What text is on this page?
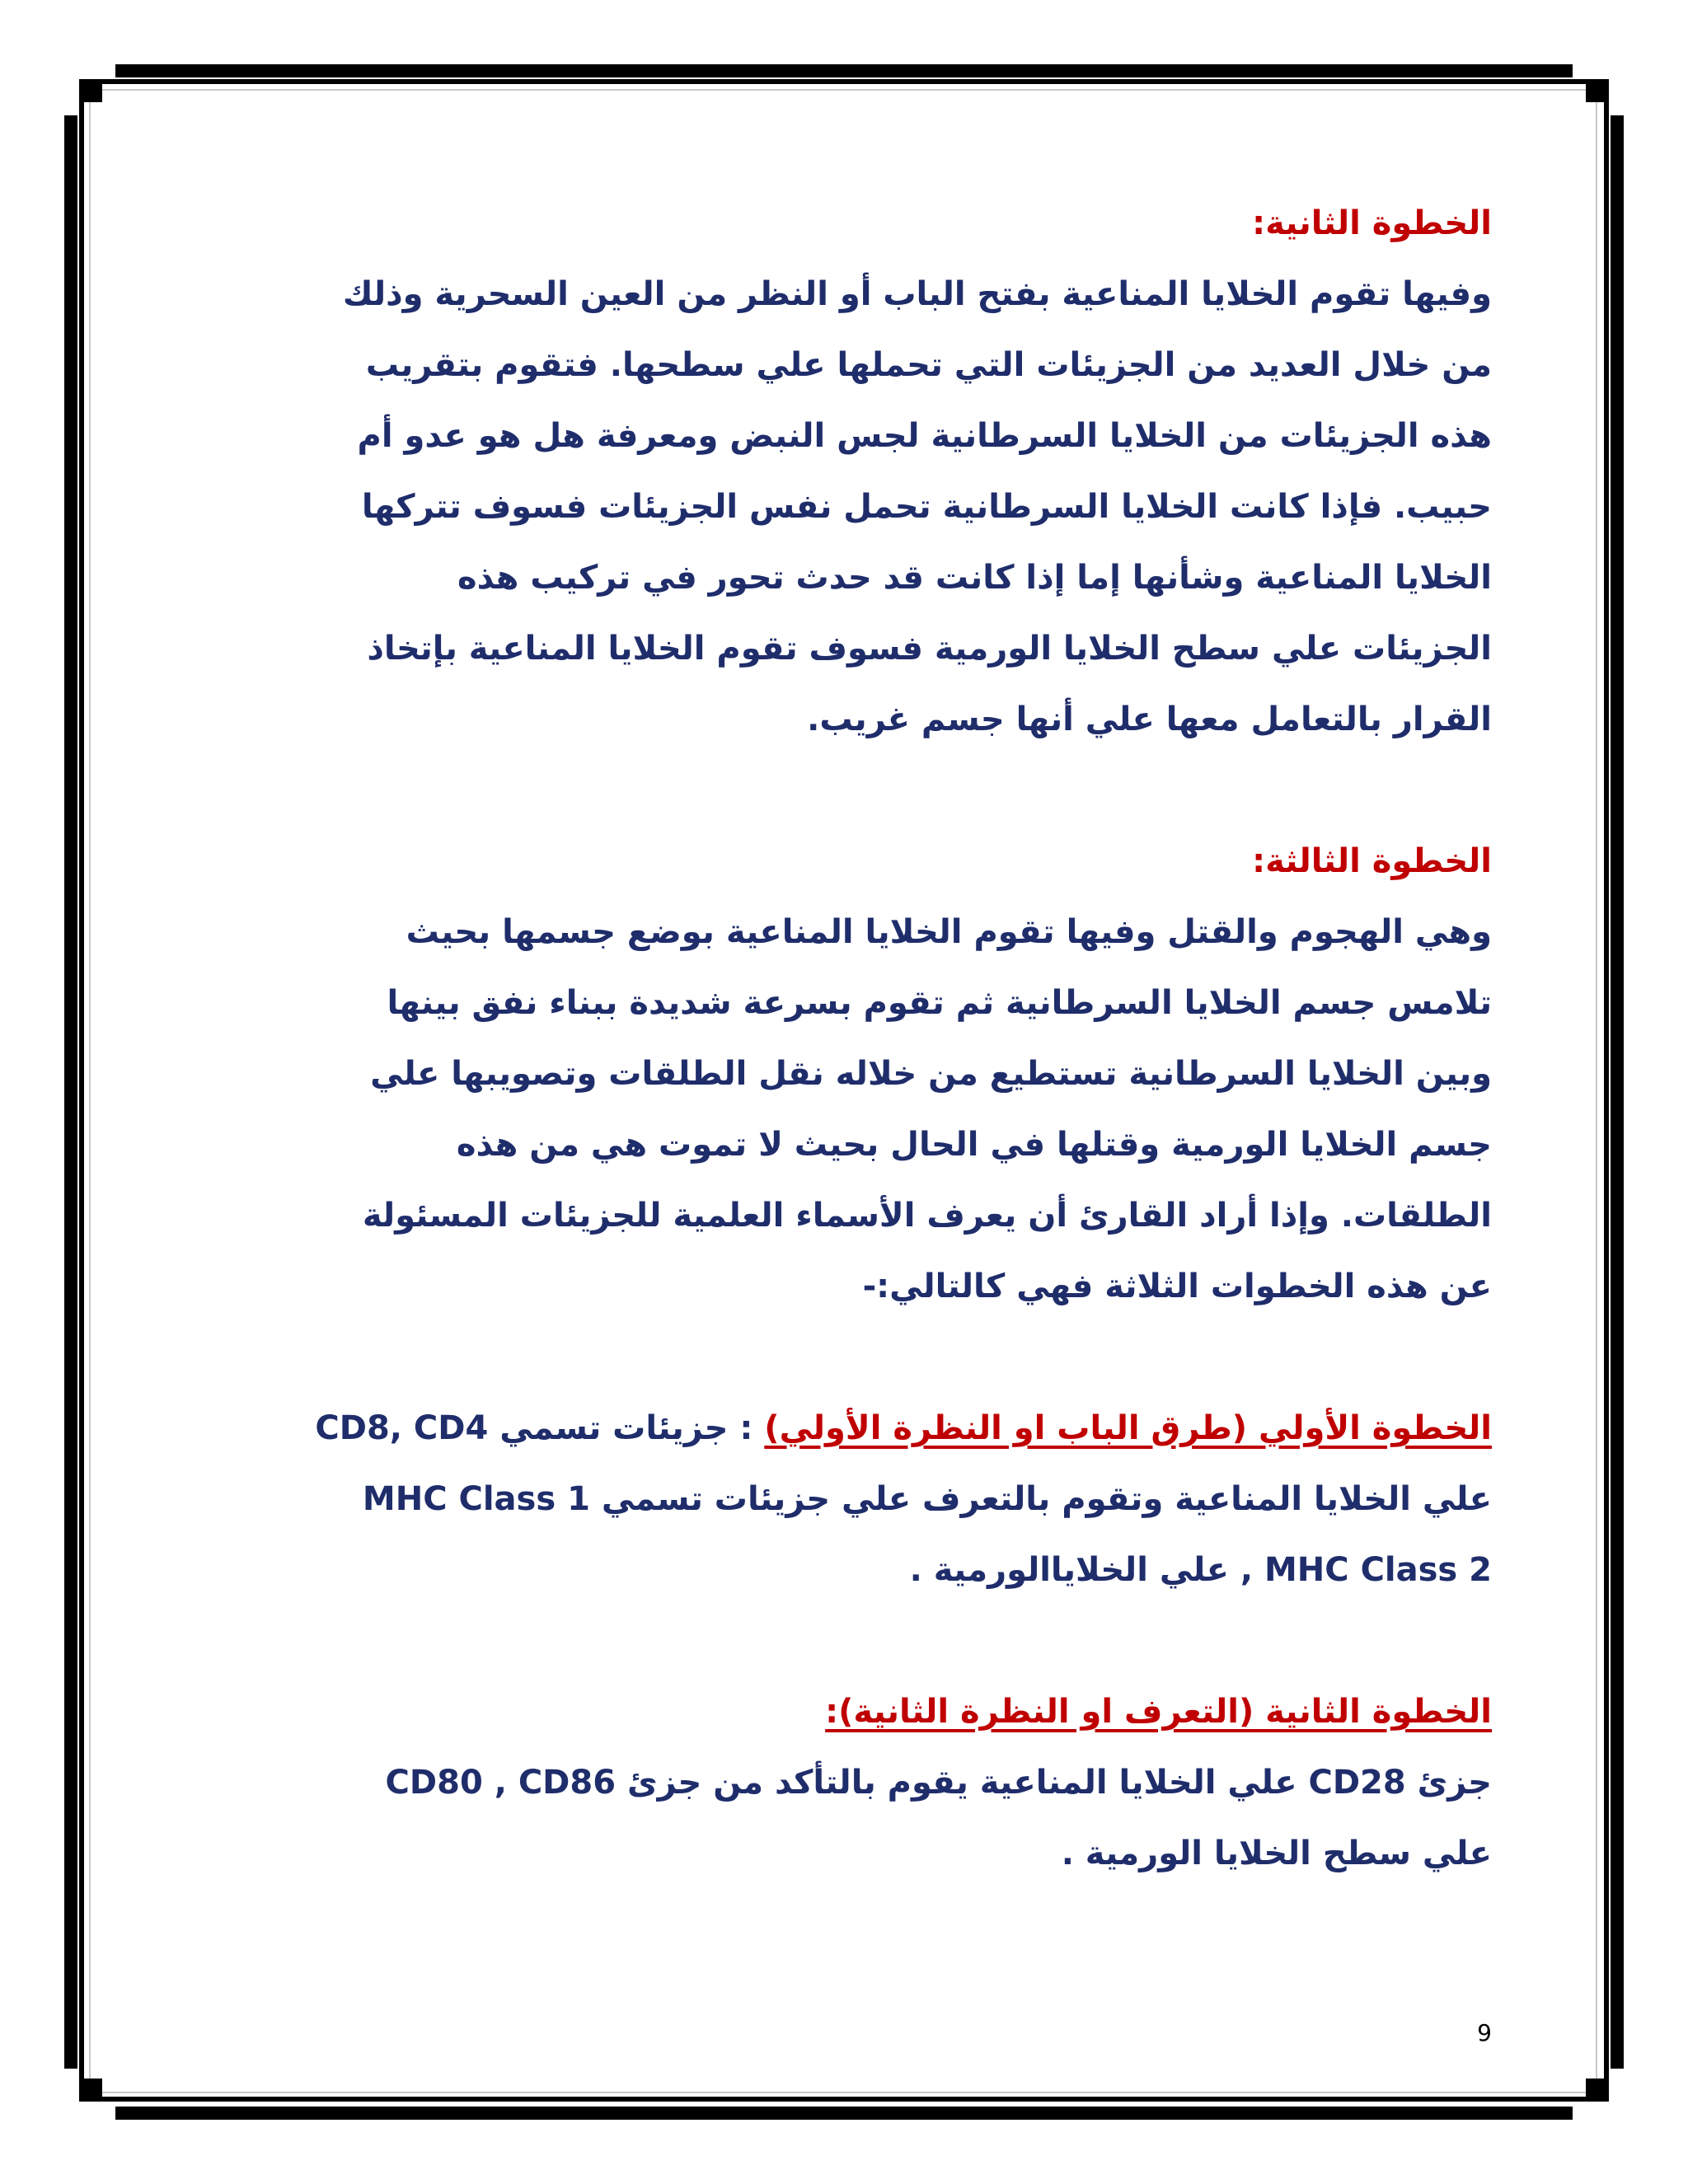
الخطوة الثانية:

وفيها تقوم الخلايا المناعية بفتح الباب أو النظر من العين السحرية وذلك
من خلال العديد من الجزيئات التي تحملها علي سطحها. فتقوم بتقريب
هذه الجزيئات من الخلايا السرطانية لجس النبض ومعرفة هل هو عدو أم
حبيب. فإذا كانت الخلايا السرطانية تحمل نفس الجزيئات فسوف تتركها
الخلايا المناعية وشأنها إما إذا كانت قد حدث تحور في تركيب هذه
الجزيئات علي سطح الخلايا الورمية فسوف تقوم الخلايا المناعية بإتخاذ
القرار بالتعامل معها علي أنها جسم غريب.

الخطوة الثالثة:

وهي الهجوم والقتل وفيها تقوم الخلايا المناعية بوضع جسمها بحيث
تلامس جسم الخلايا السرطانية ثم تقوم بسرعة شديدة ببناء نفق بينها
وبين الخلايا السرطانية تستطيع من خلاله نقل الطلقات وتصويبها علي
جسم الخلايا الورمية وقتلها في الحال بحيث لا تموت هي من هذه
الطلقات. وإذا أراد القارئ أن يعرف الأسماء العلمية للجزيئات المسئولة
عن هذه الخطوات الثلاثة فهي كالتالي:-
الخطوة الأولي (طرق الباب او النظرة الأولي) : جزيئات تسمي CD8, CD4
علي الخلايا المناعية وتقوم بالتعرف علي جزيئات تسمي MHC Class 1
MHC Class 2 , علي الخلاياالورمية .
الخطوة الثانية (التعرف او النظرة الثانية):
جزئ CD28 علي الخلايا المناعية يقوم بالتأكد من جزئ CD80 , CD86
علي سطح الخلايا الورمية .
9
